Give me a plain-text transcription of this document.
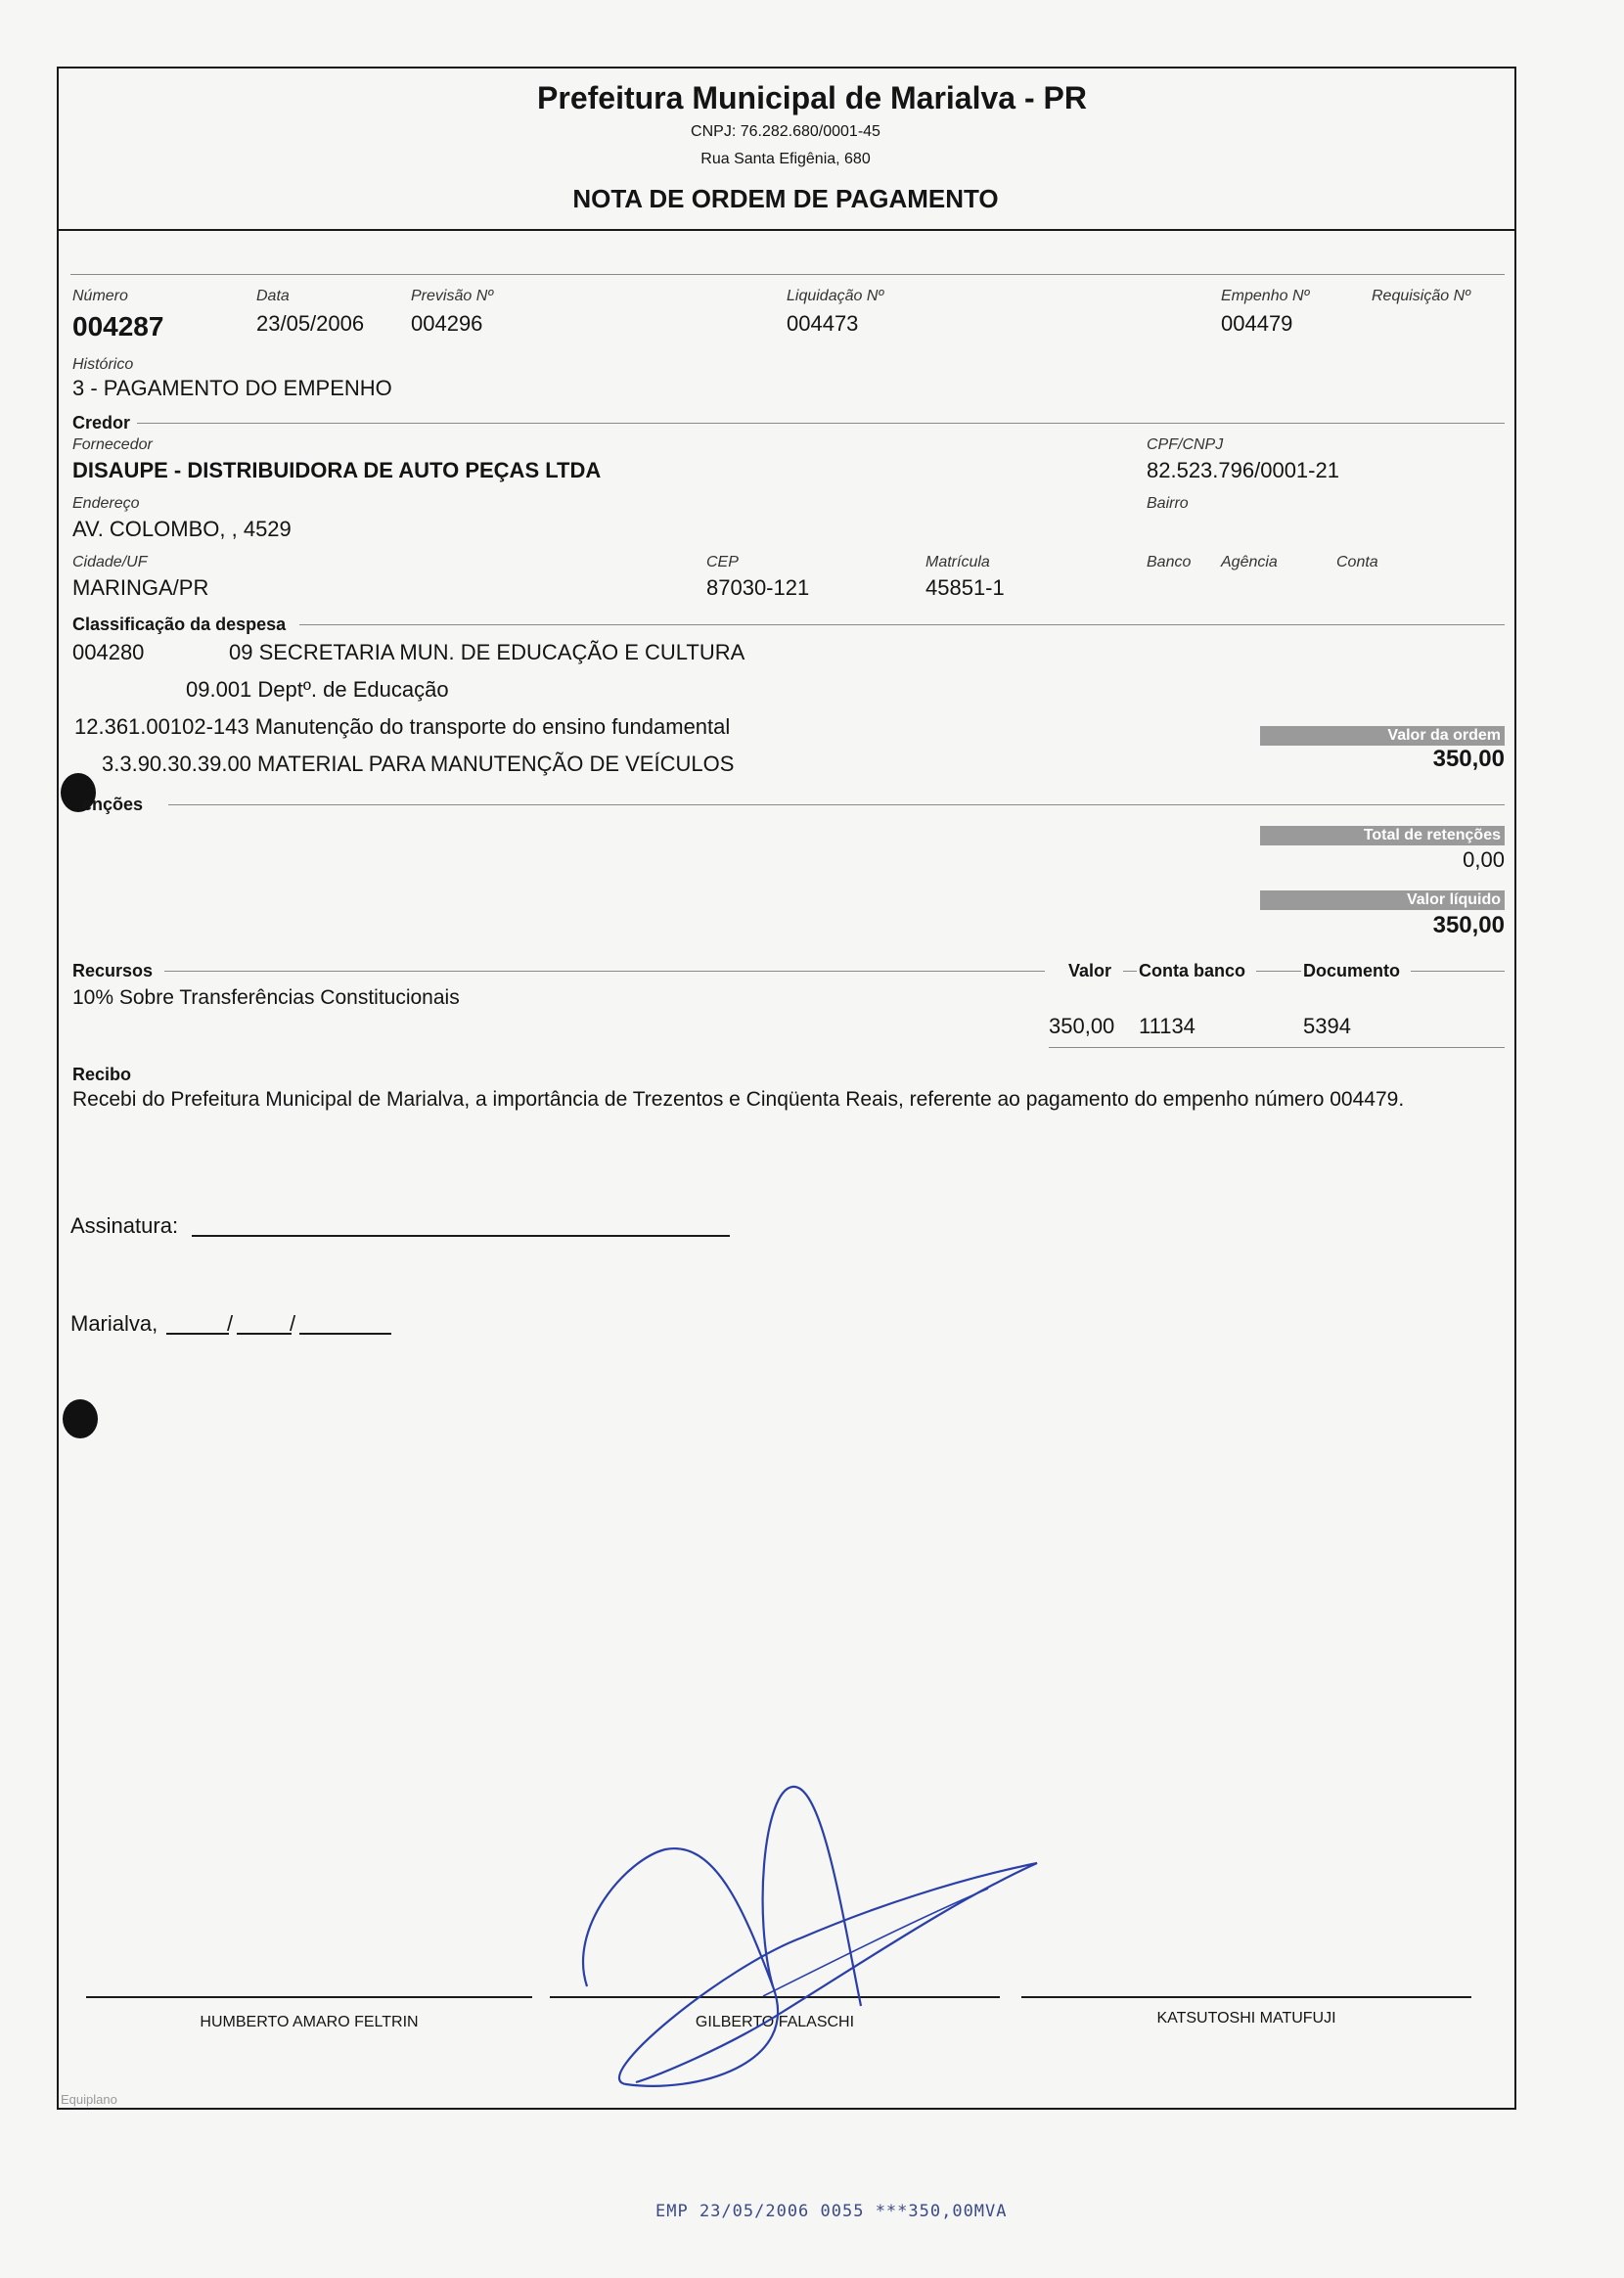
Prefeitura Municipal de Marialva - PR
CNPJ: 76.282.680/0001-45
Rua Santa Efigênia, 680
NOTA DE ORDEM DE PAGAMENTO
Número
004287
Data
23/05/2006
Previsão Nº
004296
Liquidação Nº
004473
Empenho Nº
004479
Requisição Nº
Histórico
3 - PAGAMENTO DO EMPENHO
Credor
Fornecedor
DISAUPE - DISTRIBUIDORA DE AUTO PEÇAS LTDA
CPF/CNPJ
82.523.796/0001-21
Endereço
AV. COLOMBO, , 4529
Bairro
Cidade/UF
MARINGA/PR
CEP
87030-121
Matrícula
45851-1
Banco Agência	Conta
Classificação da despesa
004280	09 SECRETARIA MUN. DE EDUCAÇÃO E CULTURA
09.001 Deptº. de Educação
12.361.00102-143 Manutenção do transporte do ensino fundamental
3.3.90.30.39.00 MATERIAL PARA MANUTENÇÃO DE VEÍCULOS
Valor da ordem
350,00
enções
Total de retenções
0,00
Valor líquido
350,00
Recursos	Valor Conta banco	Documento
10% Sobre Transferências Constitucionais
350,00 11134	5394
Recibo
Recebi do Prefeitura Municipal de Marialva, a importância de Trezentos e Cinqüenta Reais, referente ao pagamento do empenho número 004479.
Assinatura:
Marialva,	/	/
HUMBERTO AMARO FELTRIN	GILBERTO FALASCHI	KATSUTOSHI MATUFUJI
Equiplano
EMP 23/05/2006 0055 ***350,00MVA
